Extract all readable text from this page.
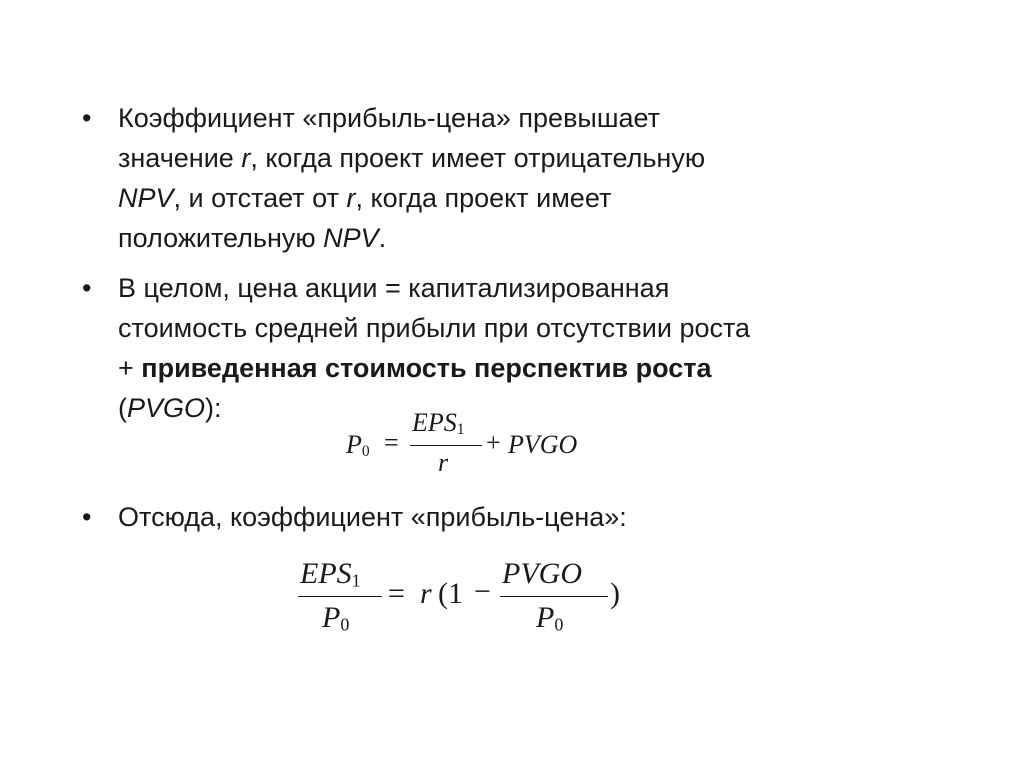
• Коэффициент «прибыль-цена» превышает
значение r, когда проект имеет отрицательную
NPV, и отстает от r, когда проект имеет
положительную NPV.
• В целом, цена акции = капитализированная
стоимость средней прибыли при отсутствии роста
+ приведенная стоимость перспектив роста
(PVGO):
• Отсюда, коэффициент «прибыль-цена»:
$P_0$ =
$EPS_1$
r
+ PVGO
$EPS_1$
$P_0$
= r (1 −
PVGO
$P_0$
)
